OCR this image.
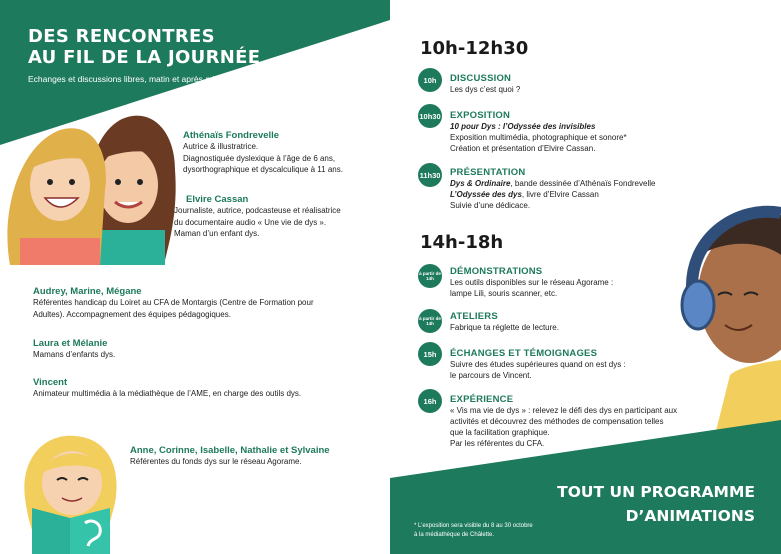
DES RENCONTRES
AU FIL DE LA JOURNÉE
Echanges et discussions libres, matin et après-midi !
Athénaïs Fondrevelle
Autrice & illustratrice.
Diagnostiquée dyslexique à l’âge de 6 ans,
dysorthographique et dyscalculique à 11 ans.
Elvire Cassan
Journaliste, autrice, podcasteuse et réalisatrice
du documentaire audio « Une vie de dys ».
Maman d’un enfant dys.
Audrey, Marine, Mégane
Référentes handicap du Loiret au CFA de Montargis (Centre de Formation pour
Adultes). Accompagnement des équipes pédagogiques.
Laura et Mélanie
Mamans d’enfants dys.
Vincent
Animateur multimédia à la médiathèque de l’AME, en charge des outils dys.
Anne, Corinne, Isabelle, Nathalie et Sylvaine
Référentes du fonds dys sur le réseau Agorame.
10h-12h30
10h	DISCUSSION
Les dys c’est quoi ?
10h30 EXPOSITION
10 pour Dys : l’Odyssée des invisibles
Exposition multimédia, photographique et sonore*
Création et présentation d’Elvire Cassan.
11h30 PRÉSENTATION
Dys & Ordinaire, bande dessinée d’Athénaïs Fondrevelle
L’Odyssée des dys, livre d’Elvire Cassan
Suivie d’une dédicace.
14h-18h
à partir de 14h
DÉMONSTRATIONS
Les outils disponibles sur le réseau Agorame :
lampe Lili, souris scanner, etc.
à partir de 14h
ATELIERS
Fabrique ta réglette de lecture.
15h	ÉCHANGES ET TÉMOIGNAGES
Suivre des études supérieures quand on est dys :
le parcours de Vincent.
16h	EXPÉRIENCE
« Vis ma vie de dys » : relevez le défi des dys en participant aux
activités et découvrez des méthodes de compensation telles
que la facilitation graphique.
Par les référentes du CFA.
TOUT UN PROGRAMME
D’ANIMATIONS
* L’exposition sera visible du 8 au 30 octobre
à la médiathèque de Châlette.
